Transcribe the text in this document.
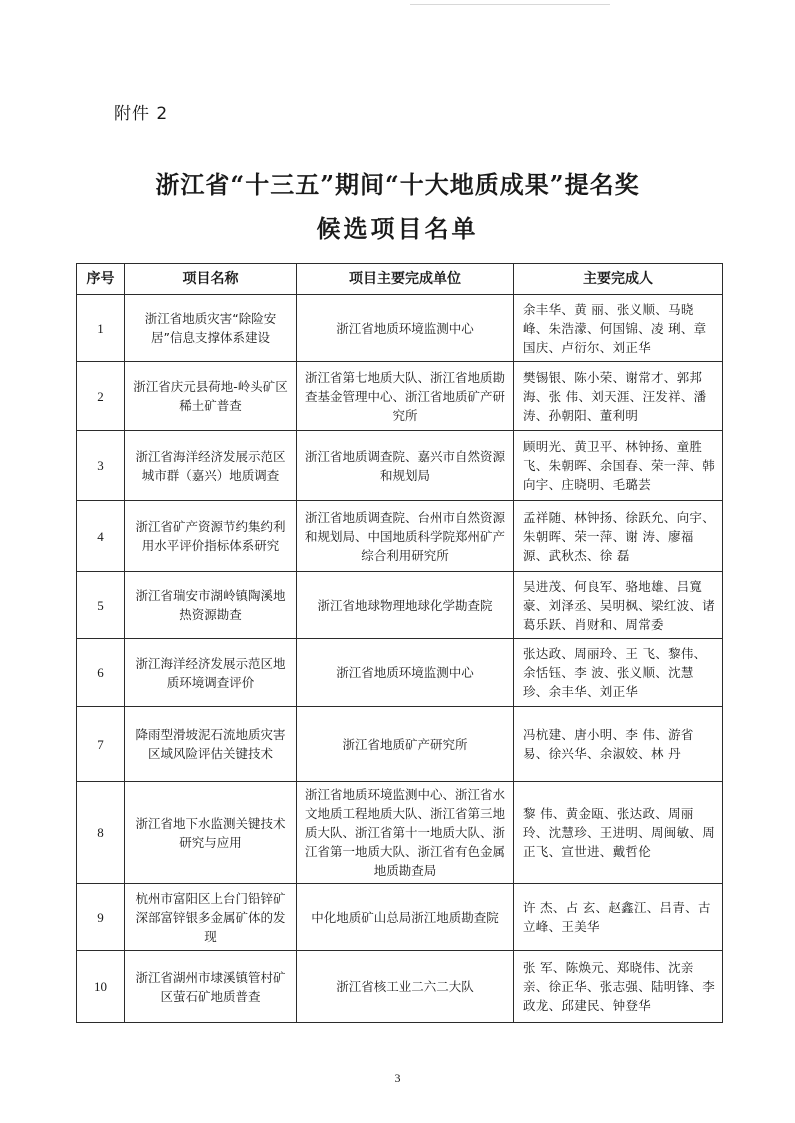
附件 2
浙江省“十三五”期间“十大地质成果”提名奖
候选项目名单
序号	项目名称	项目主要完成单位	主要完成人
1	浙江省地质灾害“除险安居”信息支撑体系建设	浙江省地质环境监测中心	余丰华、黄 丽、张义顺、马晓峰、朱浩濛、何国锦、凌 琍、章国庆、卢衍尔、刘正华
2	浙江省庆元县荷地-岭头矿区稀土矿普查	浙江省第七地质大队、浙江省地质勘查基金管理中心、浙江省地质矿产研究所	樊锡银、陈小荣、谢常才、郭邦海、张 伟、刘天涯、汪发祥、潘涛、孙朝阳、董利明
3	浙江省海洋经济发展示范区城市群（嘉兴）地质调查	浙江省地质调查院、嘉兴市自然资源和规划局	顾明光、黄卫平、林钟扬、童胜飞、朱朝晖、余国春、荣一萍、韩向宇、庄晓明、毛璐芸
4	浙江省矿产资源节约集约利用水平评价指标体系研究	浙江省地质调查院、台州市自然资源和规划局、中国地质科学院郑州矿产综合利用研究所	孟祥随、林钟扬、徐跃允、向宇、朱朝晖、荣一萍、谢 涛、廖福源、武秋杰、徐 磊
5	浙江省瑞安市湖岭镇陶溪地热资源勘查	浙江省地球物理地球化学勘查院	吴进茂、何良军、骆地雄、吕寬豪、刘泽丞、吴明枫、梁红波、诸葛乐跃、肖财和、周常委
6	浙江海洋经济发展示范区地质环境调查评价	浙江省地质环境监测中心	张达政、周丽玲、王 飞、黎伟、余恬钰、李 波、张义顺、沈慧珍、余丰华、刘正华
7	降雨型滑坡泥石流地质灾害区域风险评估关键技术	浙江省地质矿产研究所	冯杭建、唐小明、李 伟、游省易、徐兴华、余淑姣、林 丹
8	浙江省地下水监测关键技术研究与应用	浙江省地质环境监测中心、浙江省水文地质工程地质大队、浙江省第三地质大队、浙江省第十一地质大队、浙江省第一地质大队、浙江省有色金属地质勘查局	黎 伟、黄金瓯、张达政、周丽玲、沈慧珍、王进明、周闽敏、周正飞、宣世进、戴哲伦
9	杭州市富阳区上台门铅锌矿深部富锌银多金属矿体的发现	中化地质矿山总局浙江地质勘查院	许 杰、占 玄、赵鑫江、吕青、古立峰、王美华
10	浙江省湖州市埭溪镇管村矿区萤石矿地质普查	浙江省核工业二六二大队	张 军、陈焕元、郑晓伟、沈亲亲、徐正华、张志强、陆明锋、李政龙、邱建民、钟登华
3
